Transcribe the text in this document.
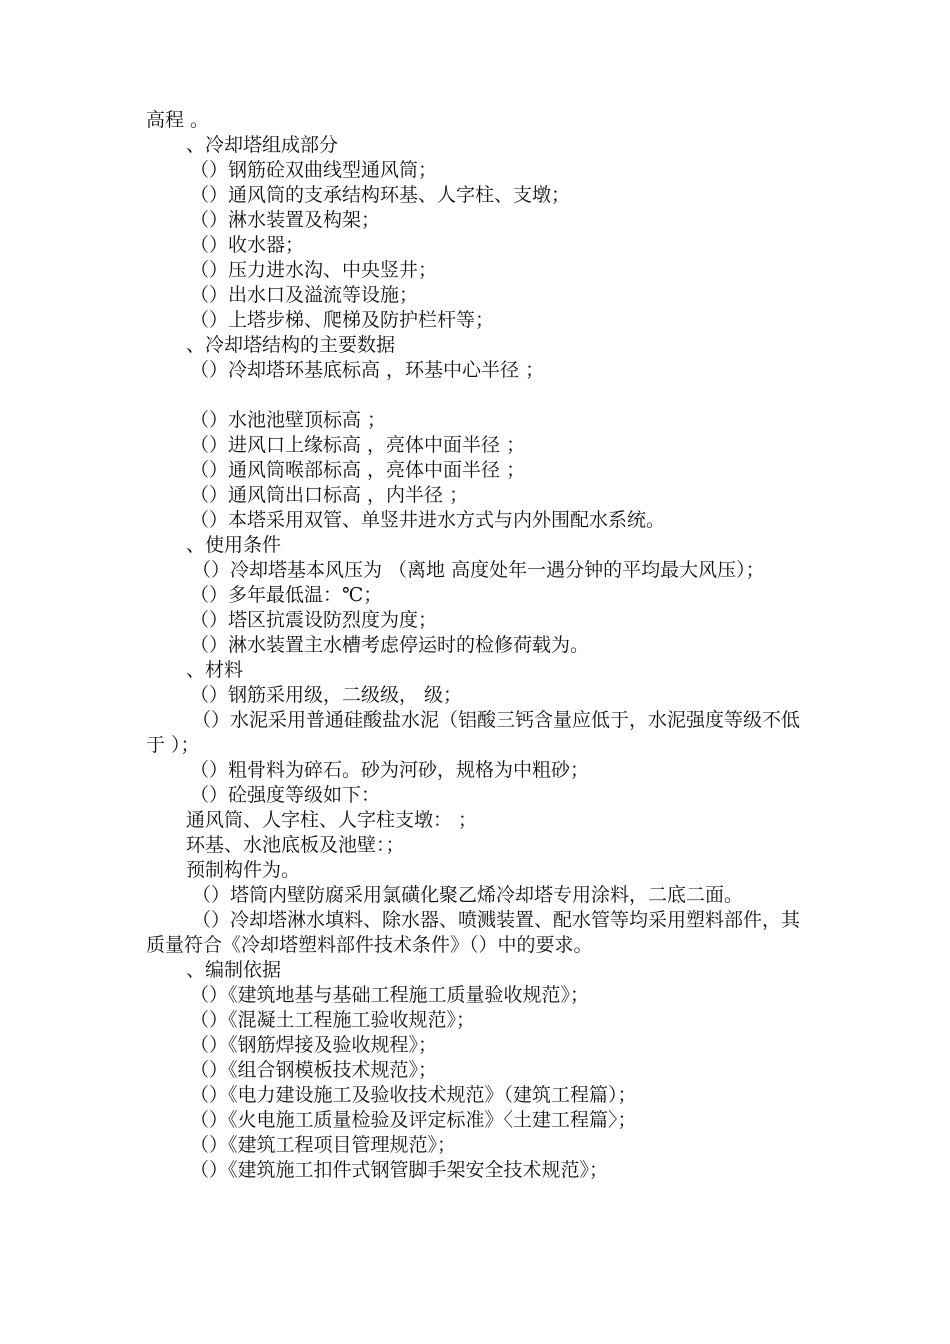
高程 。
、冷却塔组成部分
（）钢筋砼双曲线型通风筒；
（）通风筒的支承结构环基、人字柱、支墩；
（）淋水装置及构架；
（）收水器；
（）压力进水沟、中央竖井；
（）出水口及溢流等设施；
（）上塔步梯、爬梯及防护栏杆等；
、冷却塔结构的主要数据
（）冷却塔环基底标高 ，环基中心半径 ；
（）水池池壁顶标高 ；
（）进风口上缘标高 ，亮体中面半径 ；
（）通风筒喉部标高 ，亮体中面半径 ；
（）通风筒出口标高 ，内半径 ；
（）本塔采用双管、单竖井进水方式与内外围配水系统。
、使用条件
（）冷却塔基本风压为 （离地 高度处年一遇分钟的平均最大风压）；
（）多年最低温：℃；
（）塔区抗震设防烈度为度；
（）淋水装置主水槽考虑停运时的检修荷载为。
、材料
（）钢筋采用级，二级级， 级；
（）水泥采用普通硅酸盐水泥（铝酸三钙含量应低于，水泥强度等级不低于 ）；
（）粗骨料为碎石。砂为河砂，规格为中粗砂；
（）砼强度等级如下：
通风筒、人字柱、人字柱支墩： ；
环基、水池底板及池壁：；
预制构件为。
（）塔筒内壁防腐采用氯磺化聚乙烯冷却塔专用涂料，二底二面。
（）冷却塔淋水填料、除水器、喷溅装置、配水管等均采用塑料部件，其质量符合《冷却塔塑料部件技术条件》（）中的要求。
、编制依据
（）《建筑地基与基础工程施工质量验收规范》；
（）《混凝土工程施工验收规范》；
（）《钢筋焊接及验收规程》；
（）《组合钢模板技术规范》；
（）《电力建设施工及验收技术规范》（建筑工程篇）；
（）《火电施工质量检验及评定标准》〈土建工程篇〉；
（）《建筑工程项目管理规范》；
（）《建筑施工扣件式钢管脚手架安全技术规范》；
